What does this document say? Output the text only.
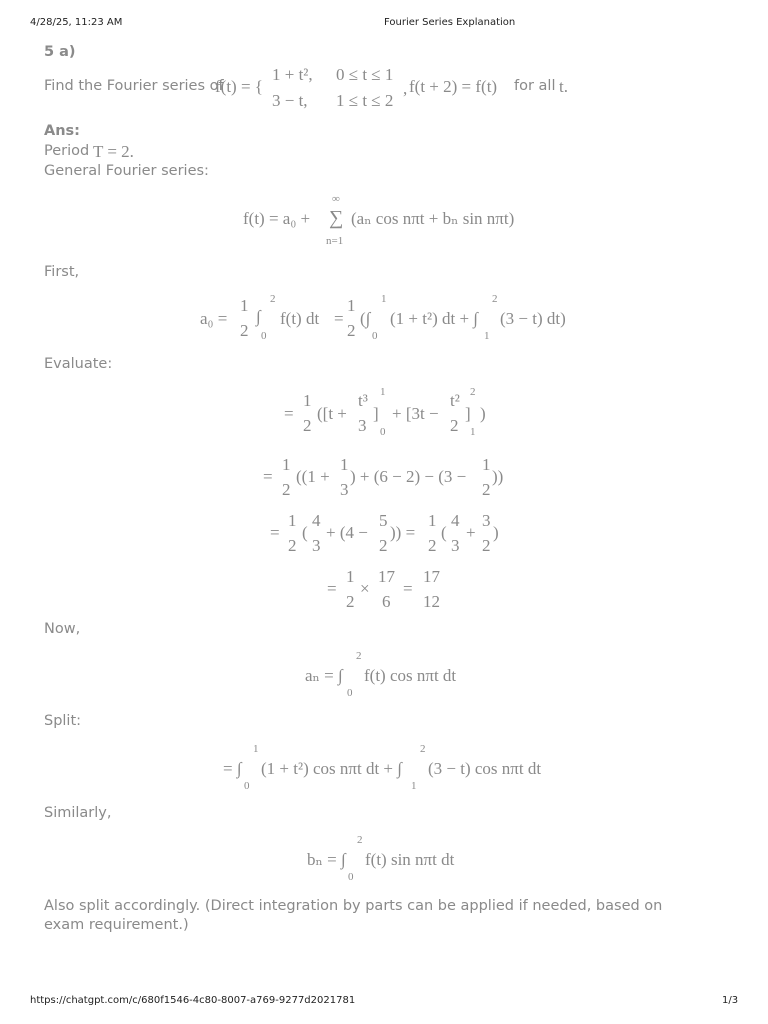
4/28/25, 11:23 AM	Fourier Series Explanation
https://chatgpt.com/c/680f1546-4c80-8007-a769-9277d2021781	1/3
5 a)
Find the Fourier series of
f(t) = {
1 + t², 0 ≤ t ≤ 1
3 − t, 1 ≤ t ≤ 2
, f(t + 2) = f(t) for all t.
Ans:
Period T = 2.
General Fourier series:
f(t) = a₀ + ∑
∞
n=1
(aₙ cos nπt + bₙ sin nπt)
First,
a₀ =
1
2
∫
2
0
f(t) dt =
1
2
(∫
1
0
(1 + t²) dt + ∫
2
1
(3 − t) dt)
Evaluate:
=
1
2
([t +
t³
3
]
1
0
+ [3t −
t²
2
]
2
1
)
=
1
2
((1 +
1
3
) + (6 − 2) − (3 −
1
2
))
=
1
2
(
4
3
+ (4 −
5
2
)) =
1
2
(
4
3
+
3
2
)
=
1
2
×
17
6
=
17
12
Now,
aₙ = ∫
2
0
f(t) cos nπt dt
Split:
= ∫
1
0
(1 + t²) cos nπt dt + ∫
2
1
(3 − t) cos nπt dt
Similarly,
bₙ = ∫
2
0
f(t) sin nπt dt
Also split accordingly. (Direct integration by parts can be applied if needed, based on exam requirement.)
